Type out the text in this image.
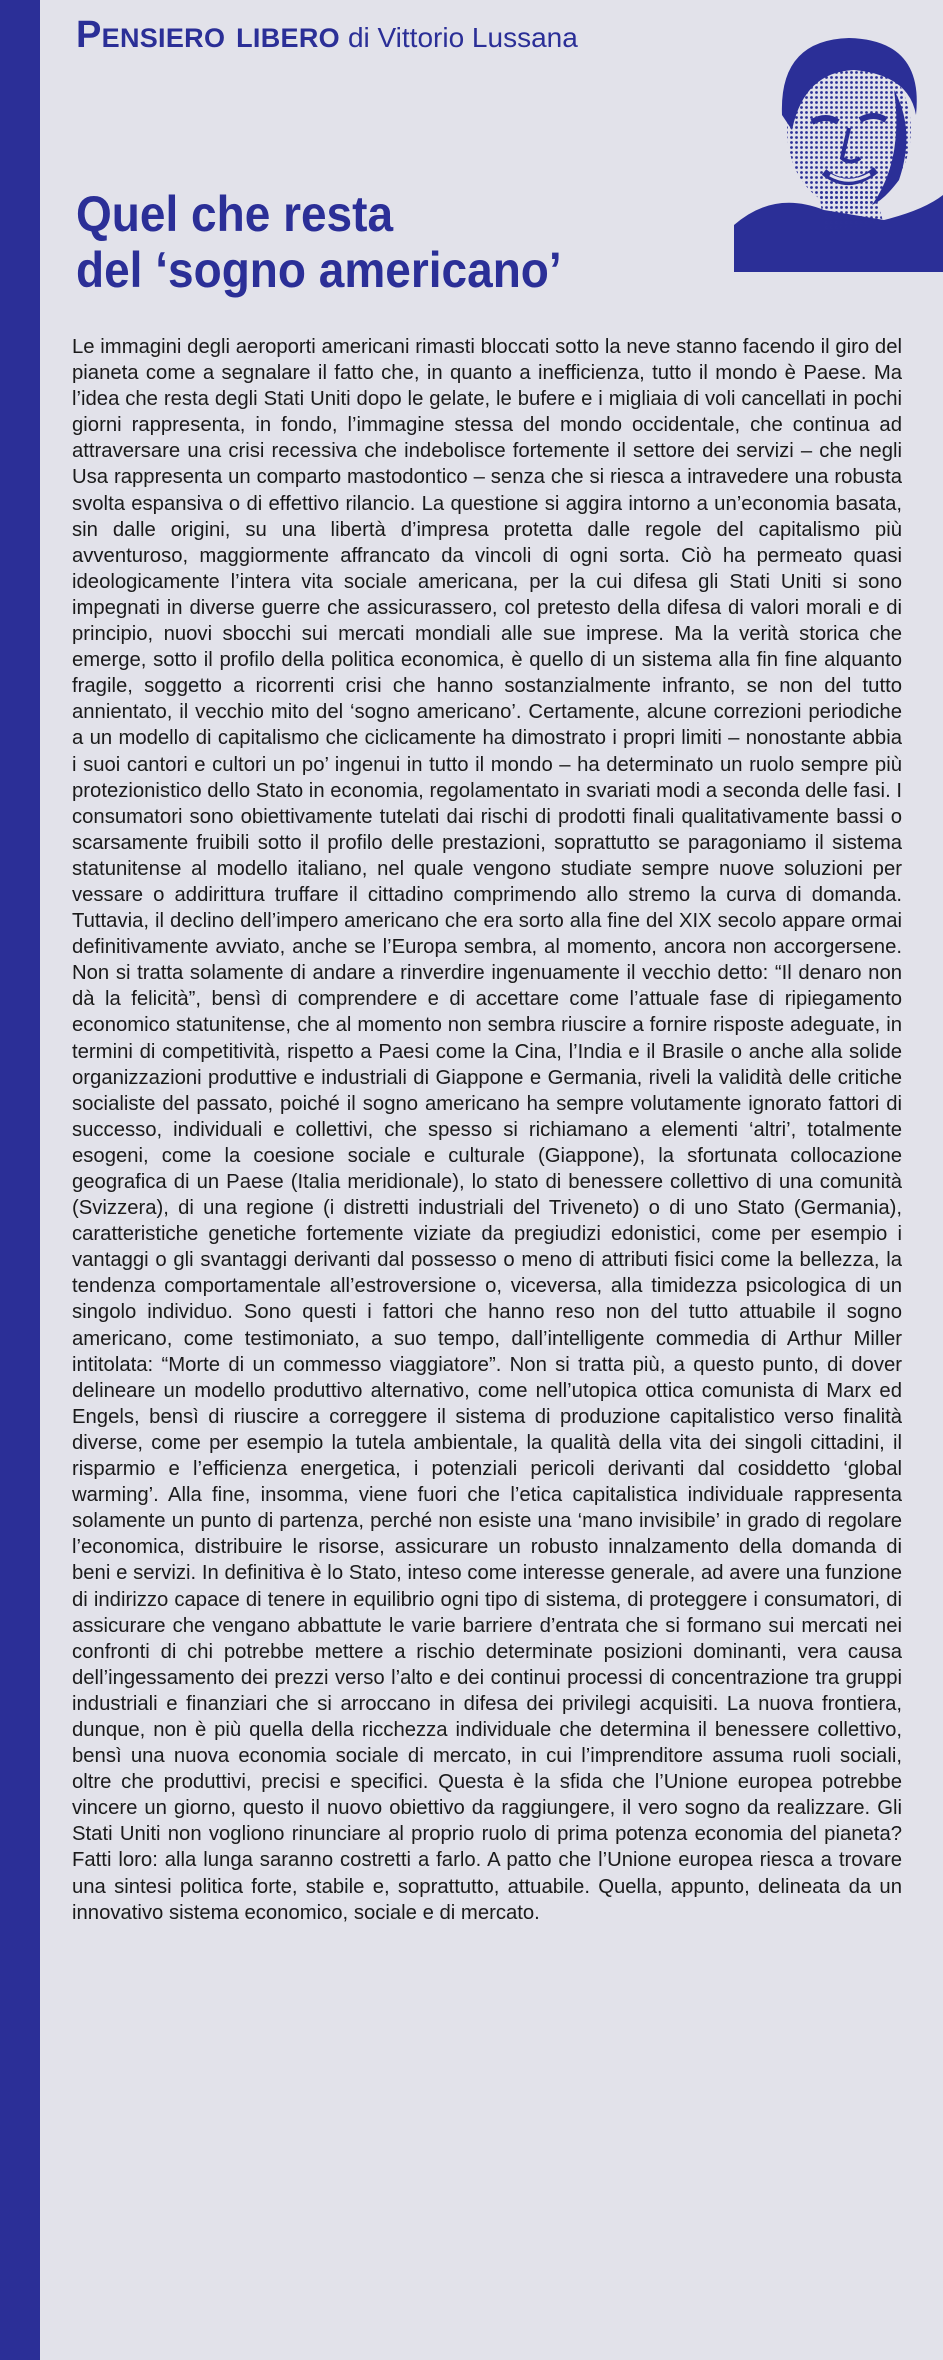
Pensiero libero di Vittorio Lussana
Quel che resta
del ‘sogno americano’

Le immagini degli aeroporti americani rimasti bloccati sotto la neve stanno facendo il giro del pianeta come a segnalare il fatto che, in quanto a inefficienza, tutto il mondo è Paese. Ma l’idea che resta degli Stati Uniti dopo le gelate, le bufere e i migliaia di voli cancellati in pochi giorni rappresenta, in fondo, l’immagine stessa del mondo occidentale, che continua ad attraversare una crisi recessiva che indebolisce fortemente il settore dei servizi – che negli Usa rappresenta un comparto mastodontico – senza che si riesca a intravedere una robusta svolta espansiva o di effettivo rilancio. La questione si aggira intorno a un’economia basata, sin dalle origini, su una libertà d’impresa protetta dalle regole del capitalismo più avventuroso, maggiormente affrancato da vincoli di ogni sorta. Ciò ha permeato quasi ideologicamente l’intera vita sociale americana, per la cui difesa gli Stati Uniti si sono impegnati in diverse guerre che assicurassero, col pretesto della difesa di valori morali e di principio, nuovi sbocchi sui mercati mondiali alle sue imprese. Ma la verità storica che emerge, sotto il profilo della politica economica, è quello di un sistema alla fin fine alquanto fragile, soggetto a ricorrenti crisi che hanno sostanzialmente infranto, se non del tutto annientato, il vecchio mito del ‘sogno americano’. Certamente, alcune correzioni periodiche a un modello di capitalismo che ciclicamente ha dimostrato i propri limiti – nonostante abbia i suoi cantori e cultori un po’ ingenui in tutto il mondo – ha determinato un ruolo sempre più protezionistico dello Stato in economia, regolamentato in svariati modi a seconda delle fasi. I consumatori sono obiettivamente tutelati dai rischi di prodotti finali qualitativamente bassi o scarsamente fruibili sotto il profilo delle prestazioni, soprattutto se paragoniamo il sistema statunitense al modello italiano, nel quale vengono studiate sempre nuove soluzioni per vessare o addirittura truffare il cittadino comprimendo allo stremo la curva di domanda. Tuttavia, il declino dell’impero americano che era sorto alla fine del XIX secolo appare ormai definitivamente avviato, anche se l’Europa sembra, al momento, ancora non accorgersene. Non si tratta solamente di andare a rinverdire ingenuamente il vecchio detto: “Il denaro non dà la felicità”, bensì di comprendere e di accettare come l’attuale fase di ripiegamento economico statunitense, che al momento non sembra riuscire a fornire risposte adeguate, in termini di competitività, rispetto a Paesi come la Cina, l’India e il Brasile o anche alla solide organizzazioni produttive e industriali di Giappone e Germania, riveli la validità delle critiche socialiste del passato, poiché il sogno americano ha sempre volutamente ignorato fattori di successo, individuali e collettivi, che spesso si richiamano a elementi ‘altri’, totalmente esogeni, come la coesione sociale e culturale (Giappone), la sfortunata collocazione geografica di un Paese (Italia meridionale), lo stato di benessere collettivo di una comunità (Svizzera), di una regione (i distretti industriali del Triveneto) o di uno Stato (Germania), caratteristiche genetiche fortemente viziate da pregiudizi edonistici, come per esempio i vantaggi o gli svantaggi derivanti dal possesso o meno di attributi fisici come la bellezza, la tendenza comportamentale all’estroversione o, viceversa, alla timidezza psicologica di un singolo individuo. Sono questi i fattori che hanno reso non del tutto attuabile il sogno americano, come testimoniato, a suo tempo, dall’intelligente commedia di Arthur Miller intitolata: “Morte di un commesso viaggiatore”. Non si tratta più, a questo punto, di dover delineare un modello produttivo alternativo, come nell’utopica ottica comunista di Marx ed Engels, bensì di riuscire a correggere il sistema di produzione capitalistico verso finalità diverse, come per esempio la tutela ambientale, la qualità della vita dei singoli cittadini, il risparmio e l’efficienza energetica, i potenziali pericoli derivanti dal cosiddetto ‘global warming’. Alla fine, insomma, viene fuori che l’etica capitalistica individuale rappresenta solamente un punto di partenza, perché non esiste una ‘mano invisibile’ in grado di regolare l’economica, distribuire le risorse, assicurare un robusto innalzamento della domanda di beni e servizi. In definitiva è lo Stato, inteso come interesse generale, ad avere una funzione di indirizzo capace di tenere in equilibrio ogni tipo di sistema, di proteggere i consumatori, di assicurare che vengano abbattute le varie barriere d’entrata che si formano sui mercati nei confronti di chi potrebbe mettere a rischio determinate posizioni dominanti, vera causa dell’ingessamento dei prezzi verso l’alto e dei continui processi di concentrazione tra gruppi industriali e finanziari che si arroccano in difesa dei privilegi acquisiti. La nuova frontiera, dunque, non è più quella della ricchezza individuale che determina il benessere collettivo, bensì una nuova economia sociale di mercato, in cui l’imprenditore assuma ruoli sociali, oltre che produttivi, precisi e specifici. Questa è la sfida che l’Unione europea potrebbe vincere un giorno, questo il nuovo obiettivo da raggiungere, il vero sogno da realizzare. Gli Stati Uniti non vogliono rinunciare al proprio ruolo di prima potenza economia del pianeta? Fatti loro: alla lunga saranno costretti a farlo. A patto che l’Unione europea riesca a trovare una sintesi politica forte, stabile e, soprattutto, attuabile. Quella, appunto, delineata da un innovativo sistema economico, sociale e di mercato.
